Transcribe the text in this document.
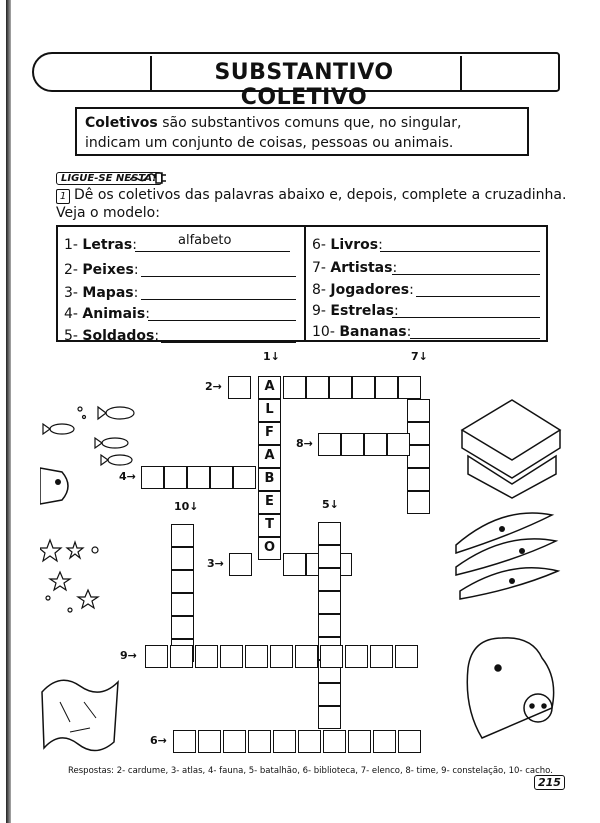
SUBSTANTIVO COLETIVO
Coletivos são substantivos comuns que, no singular, indicam um conjunto de coisas, pessoas ou animais.
LIGUE-SE NESTA!
1 Dê os coletivos das palavras abaixo e, depois, complete a cruzadinha. Veja o modelo:
1- Letras:	alfabeto
2- Peixes:
3- Mapas:
4- Animais:
5- Soldados:
6- Livros:
7- Artistas:
8- Jogadores:
9- Estrelas:
10- Bananas:
A
L
F
A
B
E
T
O
1↓
2→
7↓
8→
4→
10↓
3→
5↓
9→
6→
Respostas: 2- cardume, 3- atlas, 4- fauna, 5- batalhão, 6- biblioteca, 7- elenco, 8- time, 9- constelação, 10- cacho.
215
